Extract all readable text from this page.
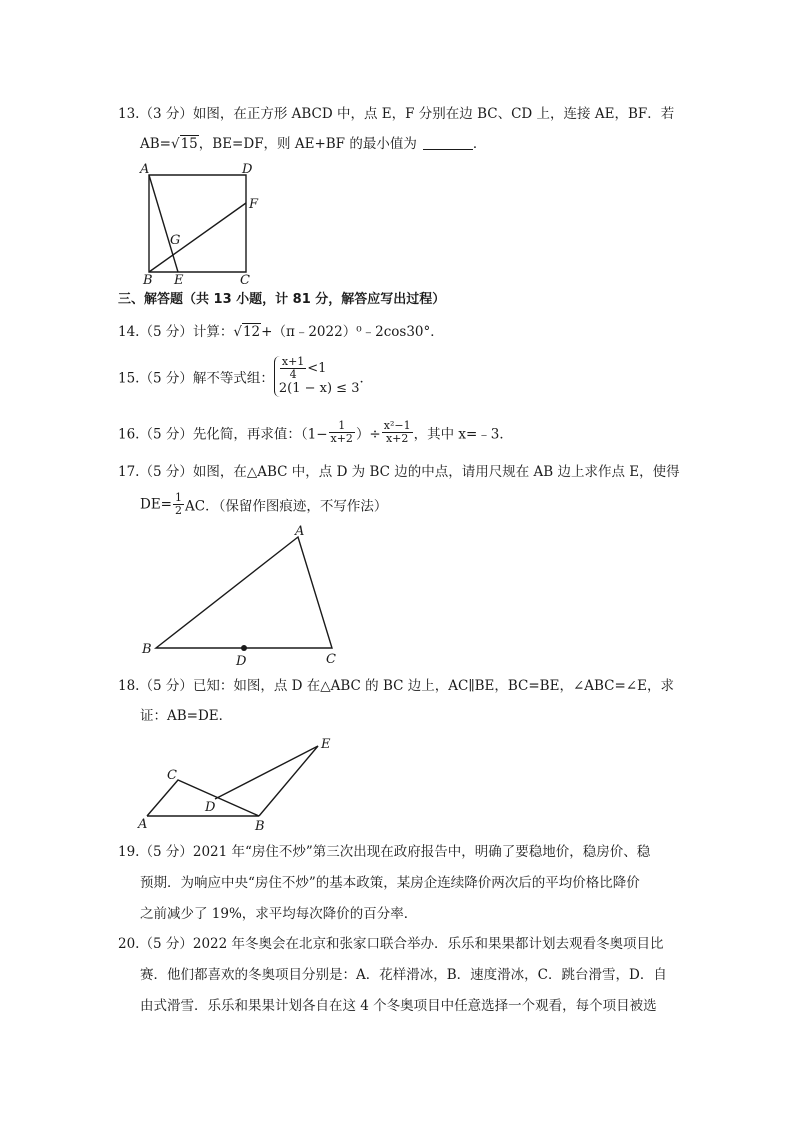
13.（3 分）如图，在正方形 ABCD 中，点 E，F 分别在边 BC、CD 上，连接 AE，BF．若
AB=√15，BE=DF，则 AE+BF 的最小值为	．
A	D
F
G
B E	C
三、解答题（共 13 小题，计 81 分，解答应写出过程）
14.（5 分）计算：√12+（π﹣2022）⁰﹣2cos30°．
15.（5 分）解不等式组： $\frac{x+1}{4} <1$
2(1 − x) ≤ 3
．
16.（5 分）先化简，再求值：（$1- \frac{1}{x+2}$ ）÷ $\frac{\text{x²−1}}{x+2}$ ，其中 x=﹣3．
17.（5 分）如图，在△ABC 中，点 D 为 BC 边的中点，请用尺规在 AB 边上求作点 E，使得
$DE= \frac{1}{2}$ AC．（保留作图痕迹，不写作法）
A
B
D	C
18.（5 分）已知：如图，点 D 在△ABC 的 BC 边上，AC∥BE，BC=BE，∠ABC=∠E，求
证：AB=DE．
E
C
D
A	B
19.（5 分）2021 年“房住不炒”第三次出现在政府报告中，明确了要稳地价，稳房价、稳
预期．为响应中央“房住不炒”的基本政策，某房企连续降价两次后的平均价格比降价
之前减少了 19%，求平均每次降价的百分率．
20.（5 分）2022 年冬奥会在北京和张家口联合举办．乐乐和果果都计划去观看冬奥项目比
赛．他们都喜欢的冬奥项目分别是：A．花样滑冰，B．速度滑冰，C．跳台滑雪，D．自
由式滑雪．乐乐和果果计划各自在这 4 个冬奥项目中任意选择一个观看，每个项目被选
